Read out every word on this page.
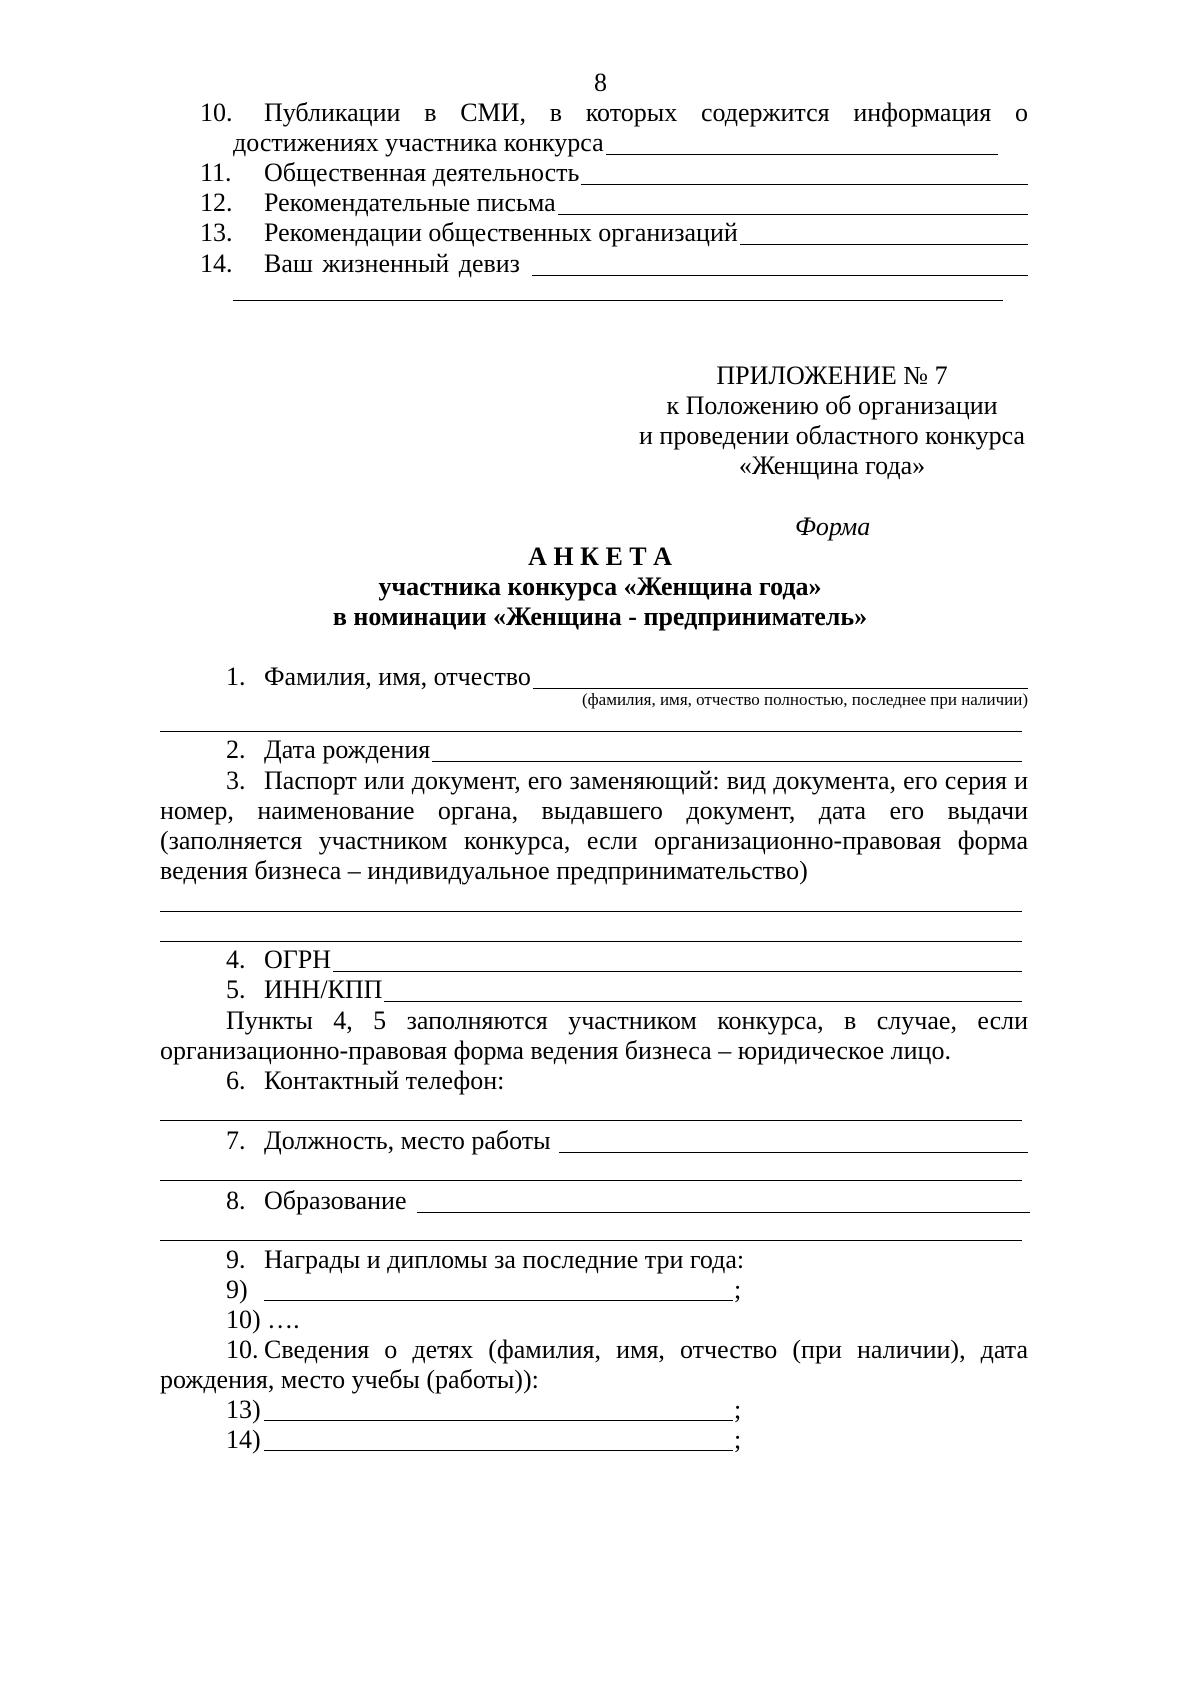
8
10. Публикации в СМИ, в которых содержится информация о
достижениях участника конкурса
11. Общественная деятельность
12. Рекомендательные письма
13. Рекомендации общественных организаций
14. Ваш жизненный девиз
ПРИЛОЖЕНИЕ № 7
к Положению об организации
и проведении областного конкурса
«Женщина года»
Форма
А Н К Е Т А
участника конкурса «Женщина года»
в номинации «Женщина - предприниматель»
1. Фамилия, имя, отчество
(фамилия, имя, отчество полностью, последнее при наличии)
2. Дата рождения
3. Паспорт или документ, его заменяющий: вид документа, его серия и
номер, наименование органа, выдавшего документ, дата его выдачи
(заполняется участником конкурса, если организационно-правовая форма
ведения бизнеса – индивидуальное предпринимательство)
4. ОГРН
5. ИНН/КПП
Пункты 4, 5 заполняются участником конкурса, в случае, если
организационно-правовая форма ведения бизнеса – юридическое лицо.
6. Контактный телефон:
7. Должность, место работы
8. Образование
9. Награды и дипломы за последние три года:
9)	;
10) ….
10. Сведения о детях (фамилия, имя, отчество (при наличии), дата
рождения, место учебы (работы)):
13)	;
14)	;
